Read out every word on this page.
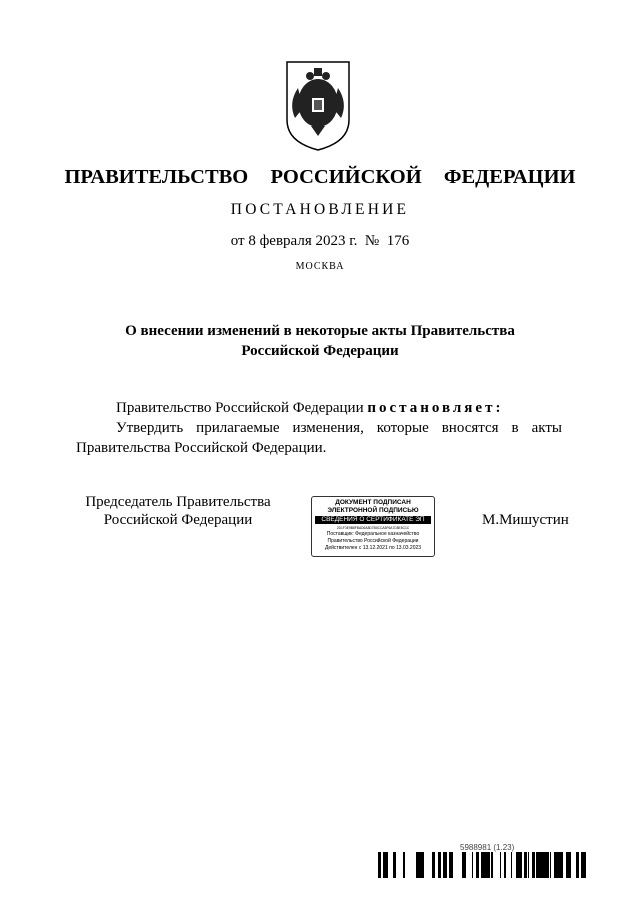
ПРАВИТЕЛЬСТВО  РОССИЙСКОЙ  ФЕДЕРАЦИИ
ПОСТАНОВЛЕНИЕ
от 8 февраля 2023 г.  №  176
МОСКВА
О внесении изменений в некоторые акты Правительства
Российской Федерации
Правительство Российской Федерации постановляет:
Утвердить прилагаемые изменения, которые вносятся в акты
Правительства Российской Федерации.
Председатель Правительства
Российской Федерации
ДОКУМЕНТ ПОДПИСАН
ЭЛЕКТРОННОЙ ПОДПИСЬЮ
СВЕДЕНИЯ О СЕРТИФИКАТЕ ЭП
2D1F3E9B8FBAD6A8D7B0CCA5F6A7D8E5C1C
Поставщик: Федеральное казначейство
Правительство Российской Федерации
Действителен с 13.12.2021 по 13.03.2023
М.Мишустин
5988981 (1.23)
